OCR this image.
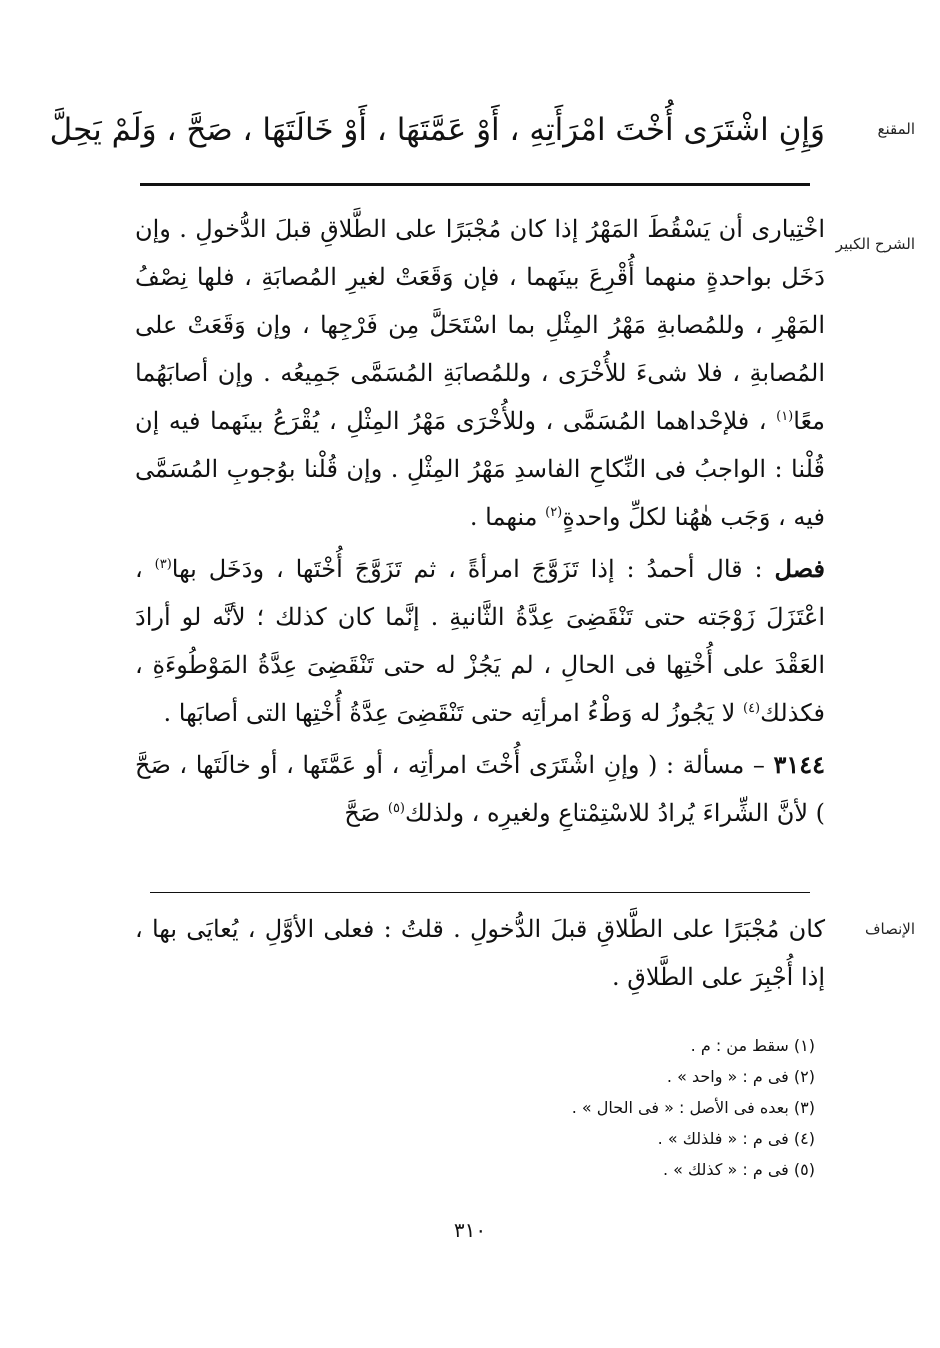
المقنع
وَإِنِ اشْتَرَى أُخْتَ امْرَأَتِهِ ، أَوْ عَمَّتَهَا ، أَوْ خَالَتَهَا ، صَحَّ ، وَلَمْ يَحِلَّ
الشرح الكبير

اخْتِيارى أن يَسْقُطَ المَهْرُ إذا كان مُجْبَرًا على الطَّلاقِ قبلَ الدُّخولِ . وإن دَخَل بواحدةٍ منهما أُقْرِعَ بينَهما ، فإن وَقَعَتْ لغيرِ المُصابَةِ ، فلها نِصْفُ المَهْرِ ، وللمُصابةِ مَهْرُ المِثْلِ بما اسْتَحَلَّ مِن فَرْجِها ، وإن وَقَعَتْ على المُصابةِ ، فلا شىءَ للأُخْرَى ، وللمُصابَةِ المُسَمَّى جَمِيعُه . وإن أصابَهُما معًا$^{(١)}$ ، فلإحْداهما المُسَمَّى ، وللأُخْرَى مَهْرُ المِثْلِ ، يُقْرَعُ بينَهما فيه إن قُلْنا : الواجبُ فى النِّكاحِ الفاسدِ مَهْرُ المِثْلِ . وإن قُلْنا بوُجوبِ المُسَمَّى فيه ، وَجَب هٰهُنا لكلِّ واحدةٍ$^{(٢)}$ منهما .

فصل : قال أحمدُ : إذا تَزَوَّجَ امرأةً ، ثم تَزَوَّجَ أُخْتَها ، ودَخَل بها$^{(٣)}$ ، اعْتَزَلَ زَوْجَته حتى تَنْقَضِىَ عِدَّةُ الثَّانيةِ . إنَّما كان كذلك ؛ لأنَّه لو أرادَ العَقْدَ على أُخْتِها فى الحالِ ، لم يَجُزْ له حتى تَنْقَضِىَ عِدَّةُ المَوْطُوءَةِ ، فكذلك$^{(٤)}$ لا يَجُوزُ له وَطْءُ امرأتِه حتى تَنْقَضِىَ عِدَّةُ أُخْتِها التى أصابَها .

٣١٤٤ – مسألة : ( وإنِ اشْتَرَى أُخْتَ امرأتِه ، أو عَمَّتَها ، أو خالَتَها ، صَحَّ ) لأنَّ الشِّراءَ يُرادُ للاسْتِمْتاعِ ولغيرِه ، ولذلك$^{(٥)}$ صَحَّ

الإنصاف

كان مُجْبَرًا على الطَّلاقِ قبلَ الدُّخولِ . قلتُ : فعلى الأوَّلِ ، يُعايَى بها ، إذا أُجْبِرَ على الطَّلاقِ .

(١) سقط من : م .
(٢) فى م : « واحد » .
(٣) بعده فى الأصل : « فى الحال » .
(٤) فى م : « فلذلك » .
(٥) فى م : « كذلك » .
٣١٠
